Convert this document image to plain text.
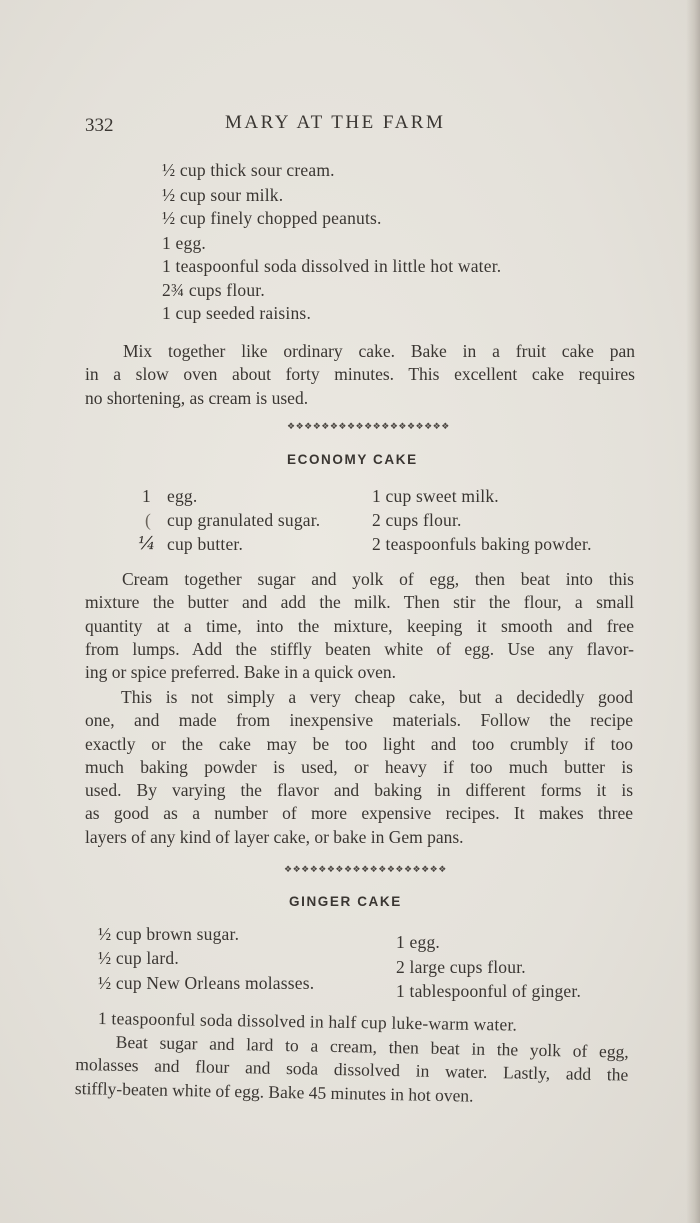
332	MARY AT THE FARM
½ cup thick sour cream.
½ cup sour milk.
½ cup finely chopped peanuts.
1 egg.
1 teaspoonful soda dissolved in little hot water.
2¾ cups flour.
1 cup seeded raisins.
Mix together like ordinary cake. Bake in a fruit cake pan
in a slow oven about forty minutes. This excellent cake requires
no shortening, as cream is used.
❖❖❖❖❖❖❖❖❖❖❖❖❖❖❖❖❖❖❖
ECONOMY CAKE
1 egg.
( cup granulated sugar.
¼ cup butter.
1 cup sweet milk.
2 cups flour.
2 teaspoonfuls baking powder.
Cream together sugar and yolk of egg, then beat into this
mixture the butter and add the milk. Then stir the flour, a small
quantity at a time, into the mixture, keeping it smooth and free
from lumps. Add the stiffly beaten white of egg. Use any flavor-
ing or spice preferred. Bake in a quick oven.
This is not simply a very cheap cake, but a decidedly good
one, and made from inexpensive materials. Follow the recipe
exactly or the cake may be too light and too crumbly if too
much baking powder is used, or heavy if too much butter is
used. By varying the flavor and baking in different forms it is
as good as a number of more expensive recipes. It makes three
layers of any kind of layer cake, or bake in Gem pans.
❖❖❖❖❖❖❖❖❖❖❖❖❖❖❖❖❖❖❖
GINGER CAKE
½ cup brown sugar.
½ cup lard.
½ cup New Orleans molasses.
1 egg.
2 large cups flour.
1 tablespoonful of ginger.
1 teaspoonful soda dissolved in half cup luke-warm water.
Beat sugar and lard to a cream, then beat in the yolk of egg,
molasses and flour and soda dissolved in water. Lastly, add the
stiffly-beaten white of egg. Bake 45 minutes in hot oven.
